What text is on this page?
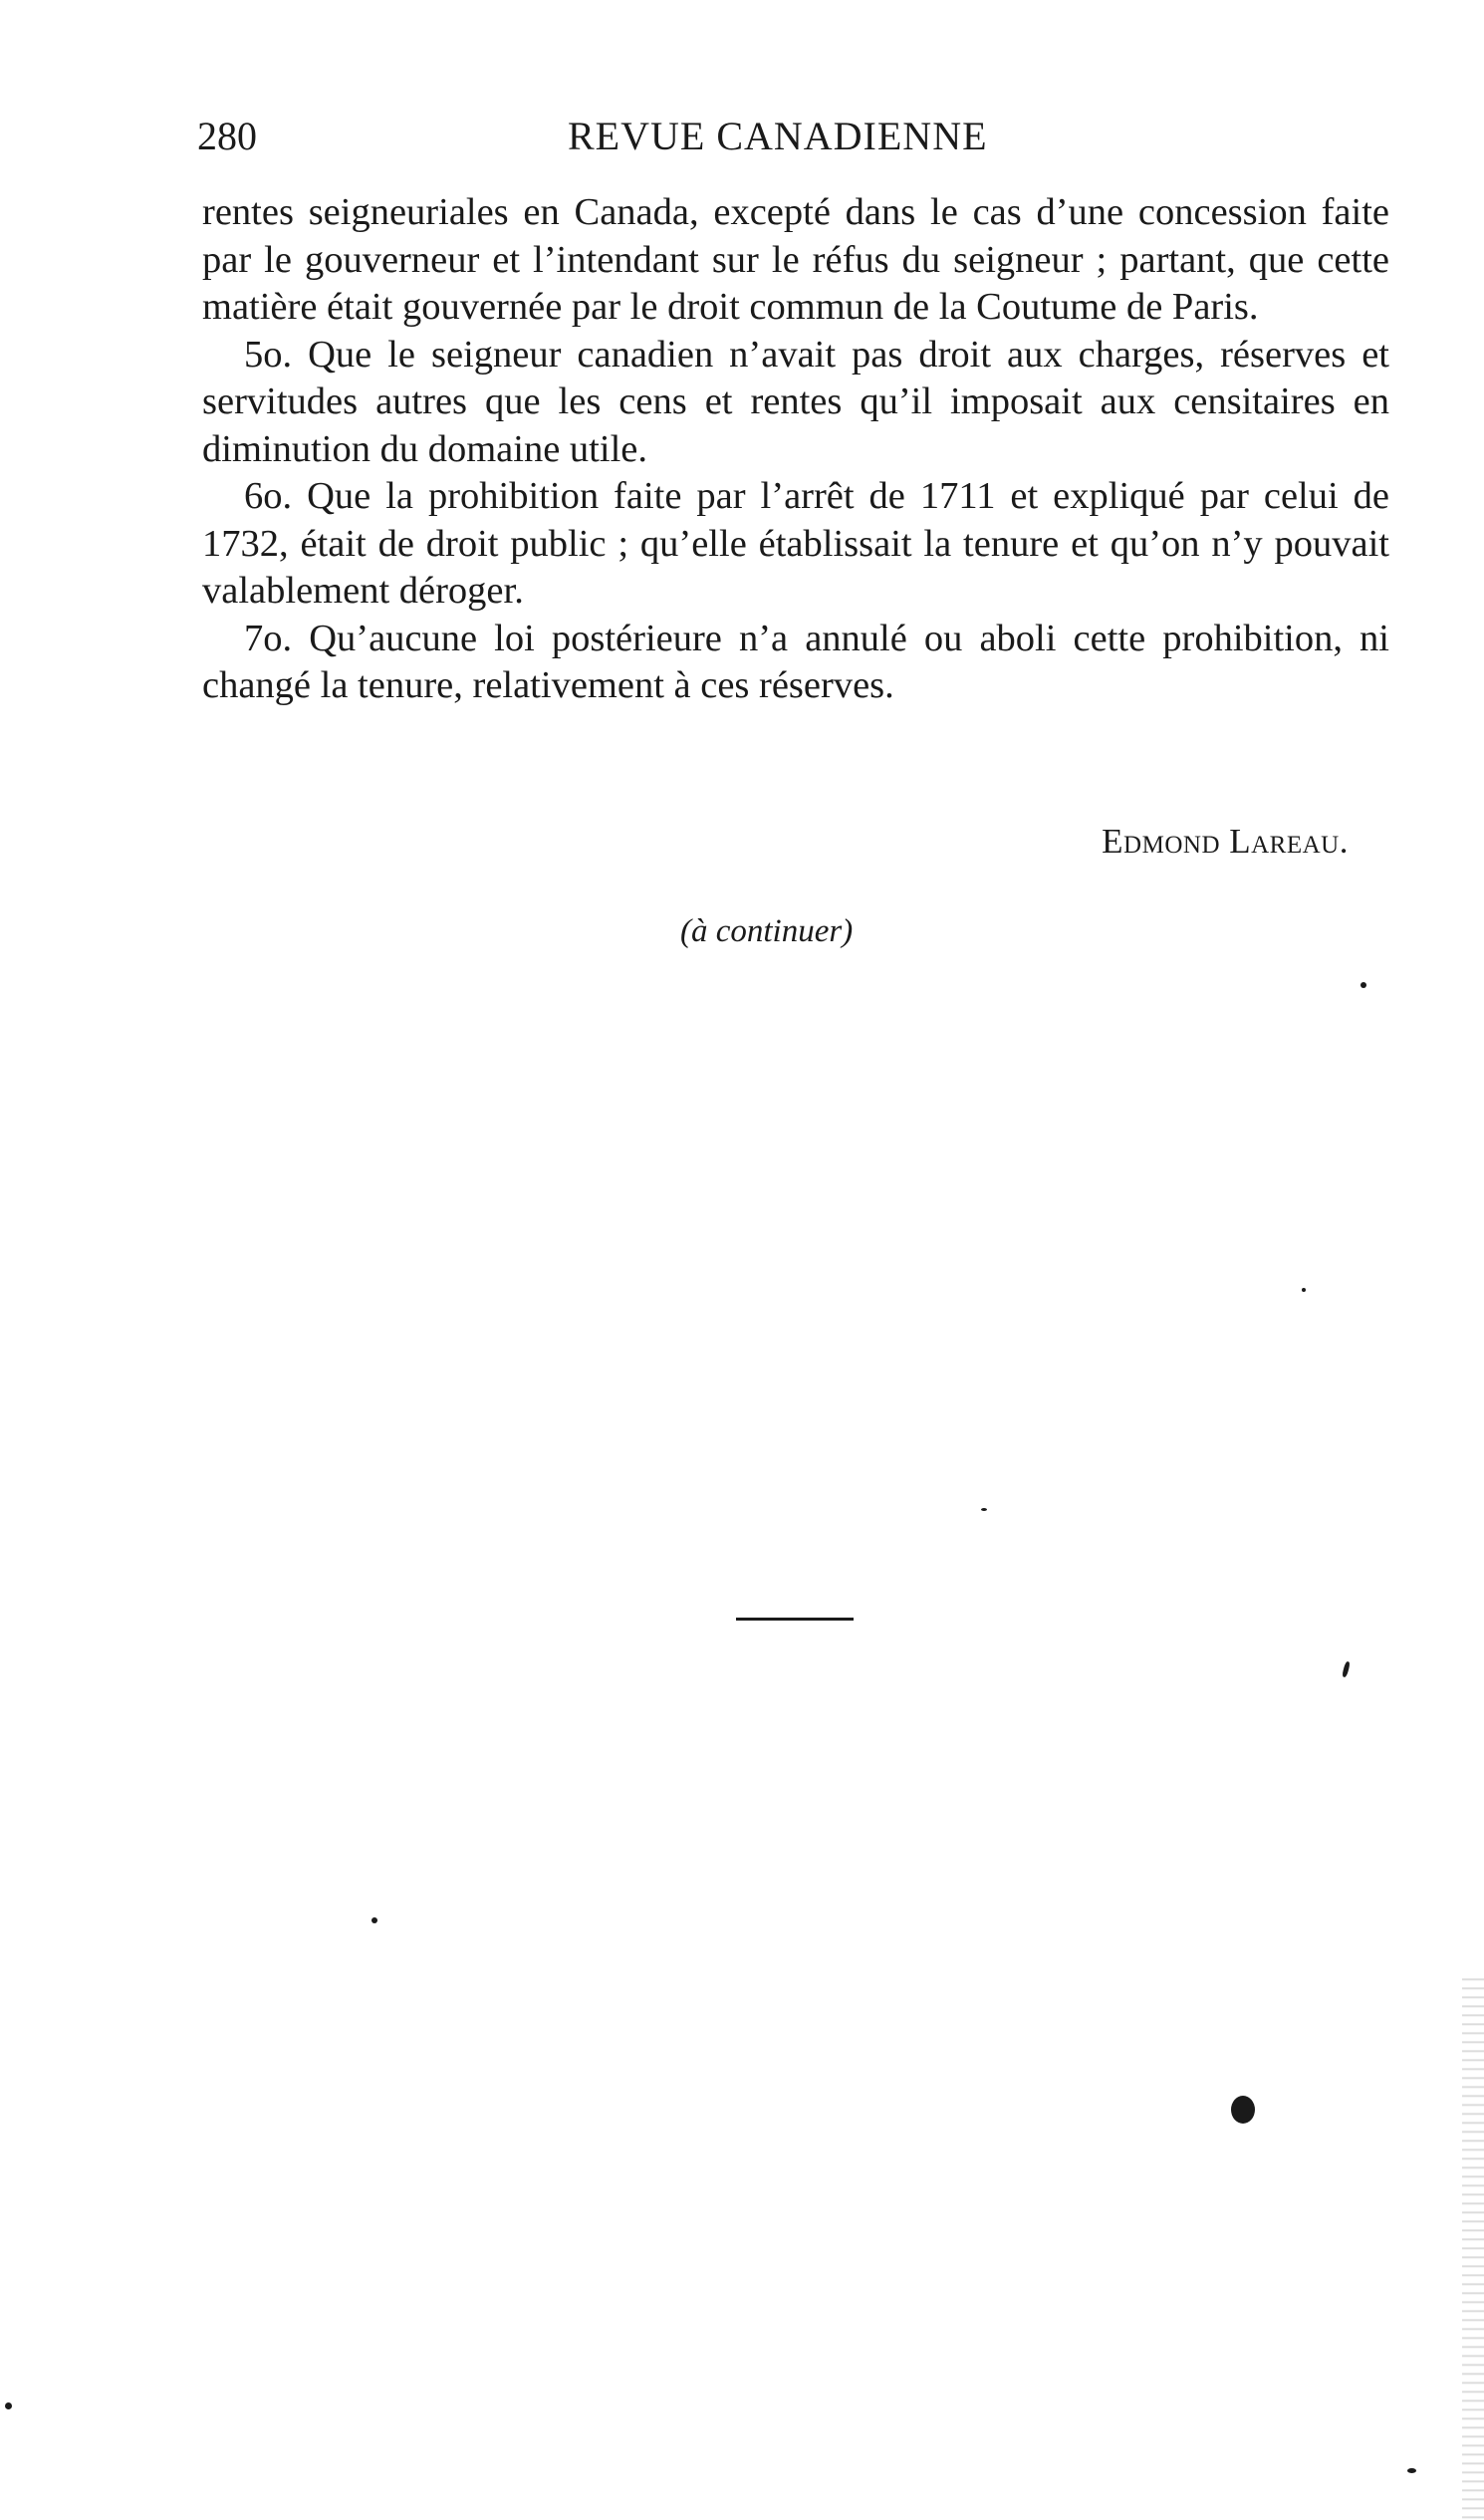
280	REVUE CANADIENNE

rentes seigneuriales en Canada, excepté dans le cas d’une concession faite par le gouverneur et l’intendant sur le réfus du seigneur ; partant, que cette matière était gouvernée par le droit commun de la Coutume de Paris.

5o. Que le seigneur canadien n’avait pas droit aux charges, réserves et servitudes autres que les cens et rentes qu’il imposait aux censitaires en diminution du domaine utile.

6o. Que la prohibition faite par l’arrêt de 1711 et expliqué par celui de 1732, était de droit public ; qu’elle établissait la tenure et qu’on n’y pouvait valablement déroger.

7o. Qu’aucune loi postérieure n’a annulé ou aboli cette prohibition, ni changé la tenure, relativement à ces réserves.

Edmond Lareau.
(à continuer)
